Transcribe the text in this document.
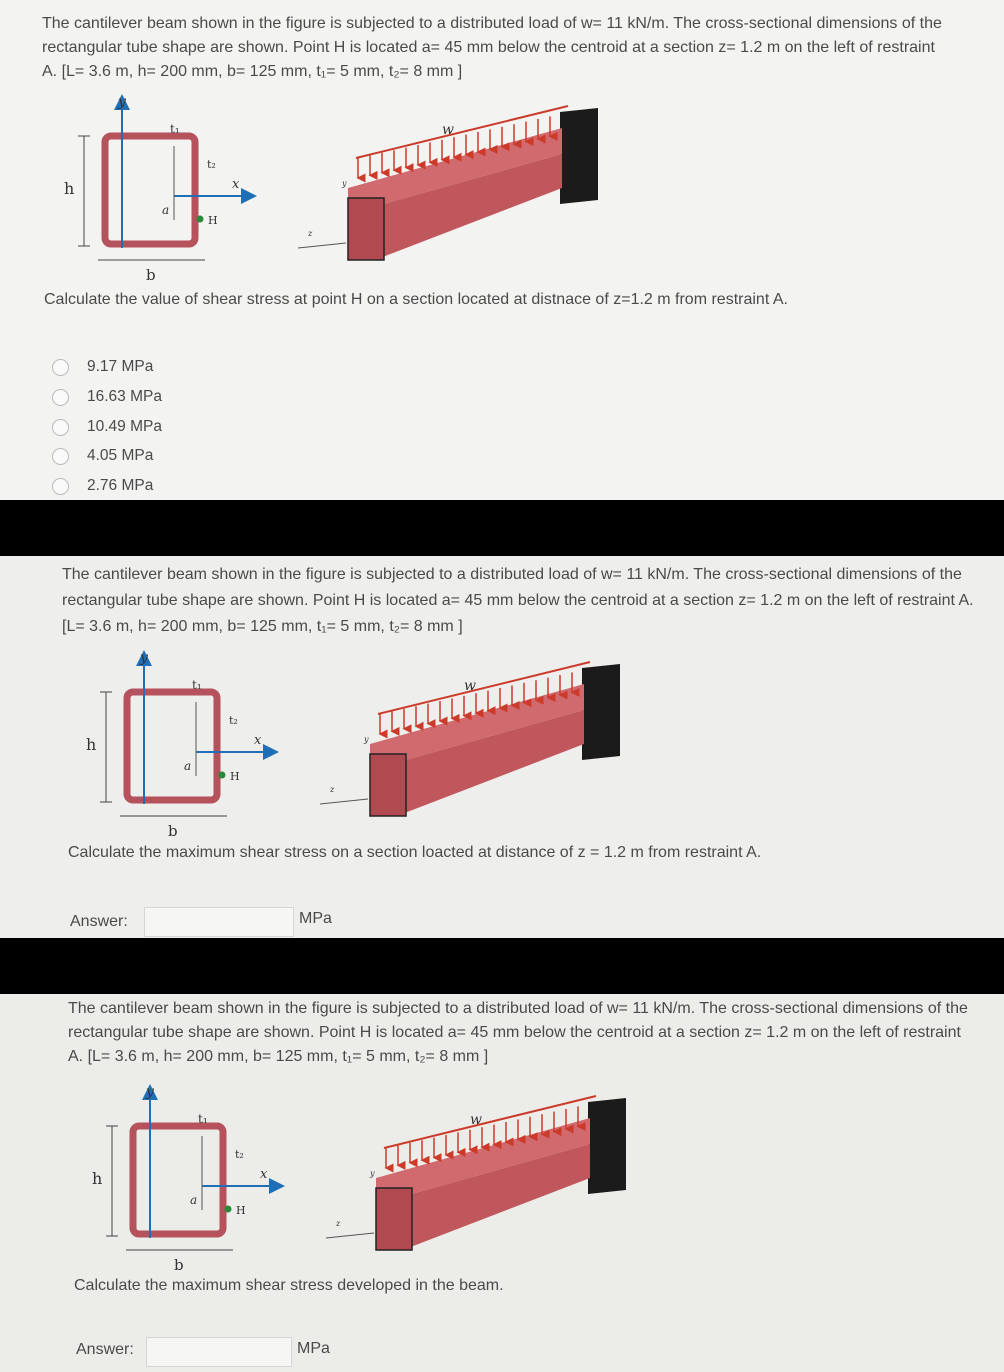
The cantilever beam shown in the figure is subjected to a distributed load of w= 11 kN/m. The cross-sectional dimensions of the rectangular tube shape are shown. Point H is located a= 45 mm below the centroid at a section z= 1.2 m on the left of restraint A. [L= 3.6 m, h= 200 mm, b= 125 mm, t₁= 5 mm, t₂= 8 mm ]
h
b
y
x
t₁
t₂
a
H
w
y
z
Calculate the value of shear stress at point H on a section located at distnace of z=1.2 m from restraint A.
9.17 MPa
16.63 MPa
10.49 MPa
4.05 MPa
2.76 MPa
The cantilever beam shown in the figure is subjected to a distributed load of w= 11 kN/m. The cross-sectional dimensions of the rectangular tube shape are shown. Point H is located a= 45 mm below the centroid at a section z= 1.2 m on the left of restraint A. [L= 3.6 m, h= 200 mm, b= 125 mm, t₁= 5 mm, t₂= 8 mm ]
h
b
y
x
t₁
t₂
a
H
w
y
z
Calculate the maximum shear stress on a section loacted at distance of z = 1.2 m from restraint A.
Answer:	MPa
The cantilever beam shown in the figure is subjected to a distributed load of w= 11 kN/m. The cross-sectional dimensions of the rectangular tube shape are shown. Point H is located a= 45 mm below the centroid at a section z= 1.2 m on the left of restraint A. [L= 3.6 m, h= 200 mm, b= 125 mm, t₁= 5 mm, t₂= 8 mm ]
h
b
y
x
t₁
t₂
a
H
w
y
z
Calculate the maximum shear stress developed in the beam.
Answer:	MPa
